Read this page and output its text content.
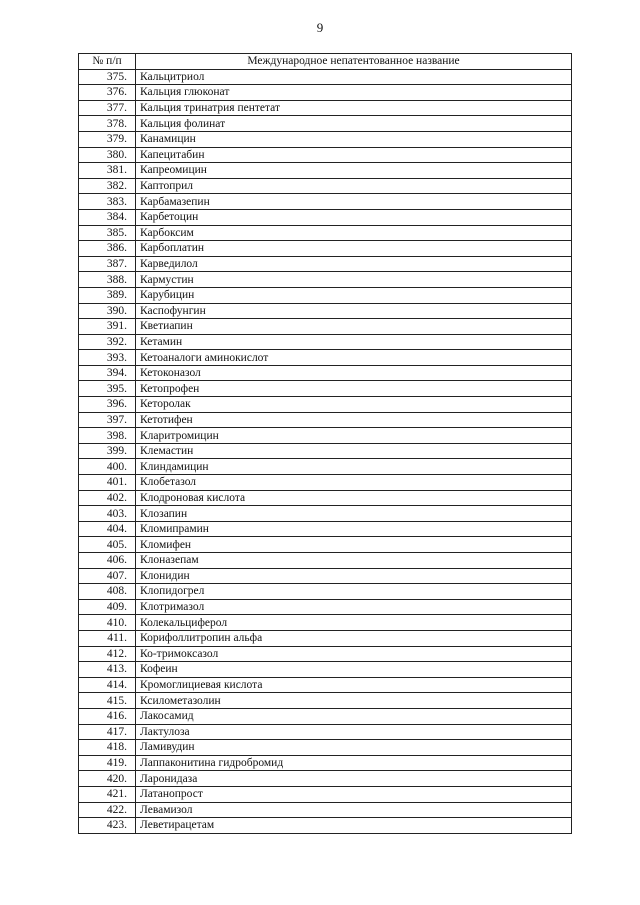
9
№ п/п	Международное непатентованное название
375.	Кальцитриол
376.	Кальция глюконат
377.	Кальция тринатрия пентетат
378.	Кальция фолинат
379.	Канамицин
380.	Капецитабин
381.	Капреомицин
382.	Каптоприл
383.	Карбамазепин
384.	Карбетоцин
385.	Карбоксим
386.	Карбоплатин
387.	Карведилол
388.	Кармустин
389.	Карубицин
390.	Каспофунгин
391.	Кветиапин
392.	Кетамин
393.	Кетоаналоги аминокислот
394.	Кетоконазол
395.	Кетопрофен
396.	Кеторолак
397.	Кетотифен
398.	Кларитромицин
399.	Клемастин
400.	Клиндамицин
401.	Клобетазол
402.	Клодроновая кислота
403.	Клозапин
404.	Кломипрамин
405.	Кломифен
406.	Клоназепам
407.	Клонидин
408.	Клопидогрел
409.	Клотримазол
410.	Колекальциферол
411.	Корифоллитропин альфа
412.	Ко-тримоксазол
413.	Кофеин
414.	Кромоглициевая кислота
415.	Ксилометазолин
416.	Лакосамид
417.	Лактулоза
418.	Ламивудин
419.	Лаппаконитина гидробромид
420.	Ларонидаза
421.	Латанопрост
422.	Левамизол
423.	Леветирацетам
